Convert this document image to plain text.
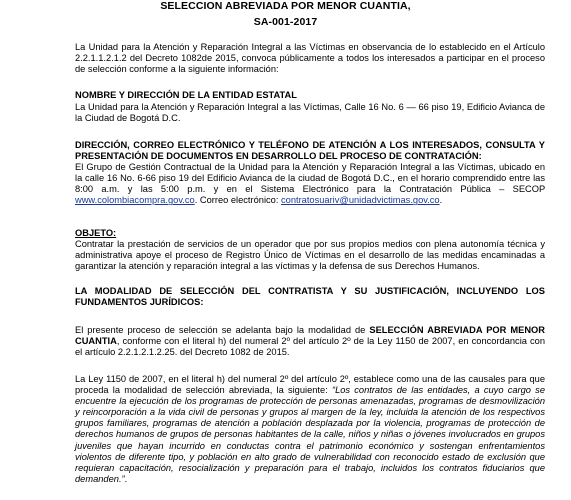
SELECCION ABREVIADA POR MENOR CUANTIA,
SA-001-2017
La Unidad para la Atención y Reparación Integral a las Víctimas en observancia de lo establecido en el Artículo 2.2.1.1.2.1.2 del Decreto 1082de 2015, convoca públicamente a todos los interesados a participar en el proceso de selección conforme a la siguiente información:
NOMBRE Y DIRECCIÓN DE LA ENTIDAD ESTATAL
La Unidad para la Atención y Reparación Integral a las Víctimas, Calle 16 No. 6 — 66 piso 19, Edificio Avianca de la Ciudad de Bogotá D.C.
DIRECCIÓN, CORREO ELECTRÓNICO Y TELÉFONO DE ATENCIÓN A LOS INTERESADOS, CONSULTA Y PRESENTACIÓN DE DOCUMENTOS EN DESARROLLO DEL PROCESO DE CONTRATACIÓN:
El Grupo de Gestión Contractual de la Unidad para la Atención y Reparación Integral a las Víctimas, ubicado en la calle 16 No. 6-66 piso 19 del Edificio Avianca de la ciudad de Bogotá D.C., en el horario comprendido entre las 8:00 a.m. y las 5:00 p.m. y en el Sistema Electrónico para la Contratación Pública – SECOP www.colombiacompra.gov.co. Correo electrónico: contratosuariv@unidadvictimas.gov.co.
OBJETO:
Contratar la prestación de servicios de un operador que por sus propios medios con plena autonomía técnica y administrativa apoye el proceso de Registro Único de Víctimas en el desarrollo de las medidas encaminadas a garantizar la atención y reparación integral a las víctimas y la defensa de sus Derechos Humanos.
LA MODALIDAD DE SELECCIÓN DEL CONTRATISTA Y SU JUSTIFICACIÓN, INCLUYENDO LOS FUNDAMENTOS JURÍDICOS:
El presente proceso de selección se adelanta bajo la modalidad de SELECCIÓN ABREVIADA POR MENOR CUANTIA, conforme con el literal h) del numeral 2º del artículo 2º de la Ley 1150 de 2007, en concordancia con el artículo 2.2.1.2.1.2.25. del Decreto 1082 de 2015.
La Ley 1150 de 2007, en el literal h) del numeral 2º del artículo 2º, establece como una de las causales para que proceda la modalidad de selección abreviada, la siguiente: “Los contratos de las entidades, a cuyo cargo se encuentre la ejecución de los programas de protección de personas amenazadas, programas de desmovilización y reincorporación a la vida civil de personas y grupos al margen de la ley, incluida la atención de los respectivos grupos familiares, programas de atención a población desplazada por la violencia, programas de protección de derechos humanos de grupos de personas habitantes de la calle, niños y niñas o jóvenes involucrados en grupos juveniles que hayan incurrido en conductas contra el patrimonio económico y sostengan enfrentamientos violentos de diferente tipo, y población en alto grado de vulnerabilidad con reconocido estado de exclusión que requieran capacitación, resocialización y preparación para el trabajo, incluidos los contratos fiduciarios que demanden.”.
